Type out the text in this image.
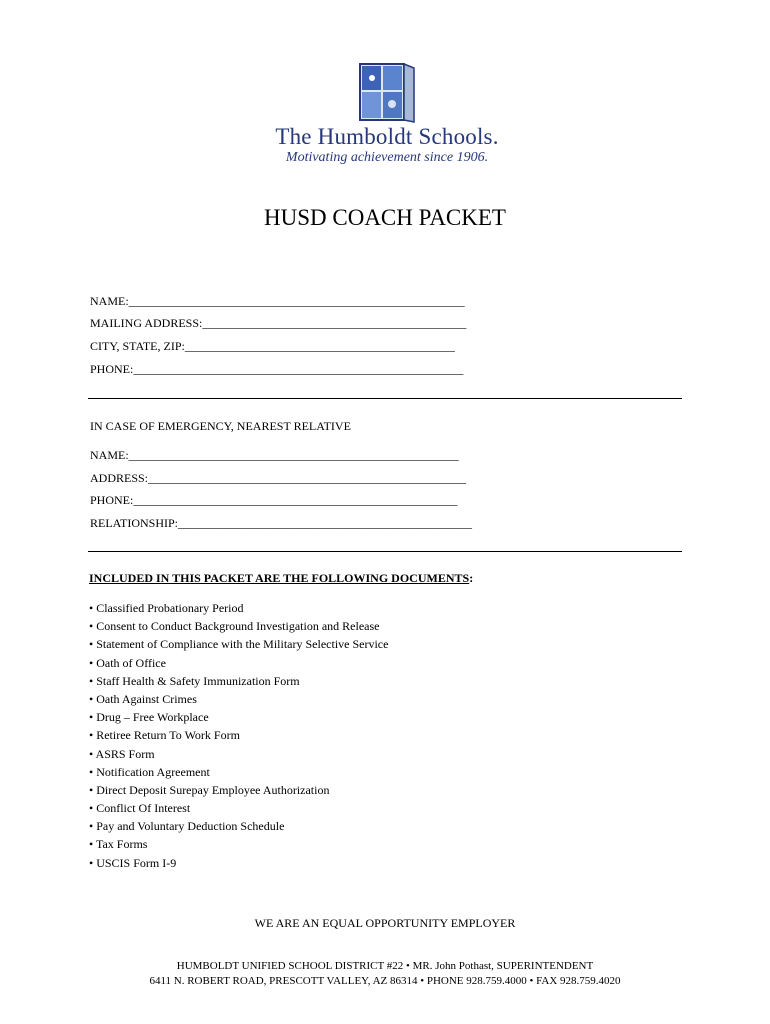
The Humboldt Schools.
Motivating achievement since 1906.
HUSD COACH PACKET
NAME:________________________________________________________
MAILING ADDRESS:____________________________________________
CITY, STATE, ZIP:_____________________________________________
PHONE:_______________________________________________________
IN CASE OF EMERGENCY, NEAREST RELATIVE
NAME:_______________________________________________________
ADDRESS:_____________________________________________________
PHONE:______________________________________________________
RELATIONSHIP:_________________________________________________
INCLUDED IN THIS PACKET ARE THE FOLLOWING DOCUMENTS:
• Classified Probationary Period
• Consent to Conduct Background Investigation and Release
• Statement of Compliance with the Military Selective Service
• Oath of Office
• Staff Health & Safety Immunization Form
• Oath Against Crimes
• Drug – Free Workplace
• Retiree Return To Work Form
• ASRS Form
• Notification Agreement
• Direct Deposit Surepay Employee Authorization
• Conflict Of Interest
• Pay and Voluntary Deduction Schedule
• Tax Forms
• USCIS Form I-9
WE ARE AN EQUAL OPPORTUNITY EMPLOYER
HUMBOLDT UNIFIED SCHOOL DISTRICT #22 • MR. John Pothast, SUPERINTENDENT
6411 N. ROBERT ROAD, PRESCOTT VALLEY, AZ 86314 • PHONE 928.759.4000 • FAX 928.759.4020
